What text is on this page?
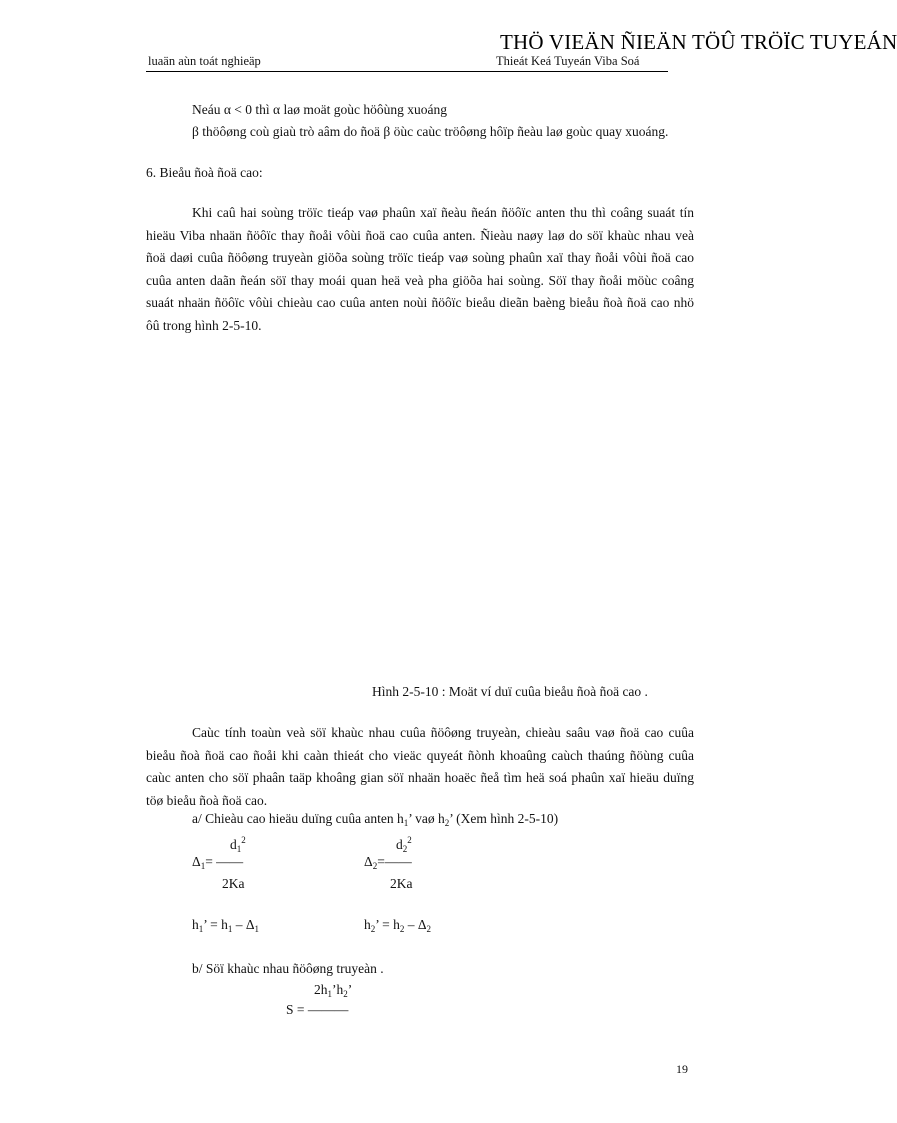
THÖ VIEÄN ÑIEÄN TÖÛ TRÖÏC TUYEÁN
luaän aùn toát nghieäp	Thieát Keá Tuyeán Viba Soá
Neáu α < 0 thì α laø moät goùc höôùng xuoáng
β thöôøng coù giaù trò aâm do ñoä β öùc caùc tröôøng hôïp ñeàu laø goùc quay xuoáng.
6. Bieåu ñoà ñoä cao:
Khi caû hai soùng tröïc tieáp vaø phaûn xaï ñeàu ñeán ñöôïc anten thu thì coâng suaát tín hieäu Viba nhaän ñöôïc thay ñoåi vôùi ñoä cao cuûa anten. Ñieàu naøy laø do söï khaùc nhau veà ñoä daøi cuûa ñöôøng truyeàn giöõa soùng tröïc tieáp vaø soùng phaûn xaï thay ñoåi vôùi ñoä cao cuûa anten daãn ñeán söï thay moái quan heä veà pha giöõa hai soùng. Söï thay ñoåi möùc coâng suaát nhaän ñöôïc vôùi chieàu cao cuûa anten noùi ñöôïc bieåu dieãn baèng bieåu ñoà ñoä cao nhö ôû trong hình 2-5-10.
Hình 2-5-10 : Moät ví duï cuûa bieåu ñoà ñoä cao .
Caùc tính toaùn veà söï khaùc nhau cuûa ñöôøng truyeàn, chieàu saâu vaø ñoä cao cuûa bieåu ñoà ñoä cao ñoåi khi caàn thieát cho vieäc quyeát ñònh khoaûng caùch thaúng ñöùng cuûa caùc anten cho söï phaân taäp khoâng gian söï nhaän hoaëc ñeå tìm heä soá phaûn xaï hieäu duïng töø bieåu ñoà ñoä cao.
a/ Chieàu cao hieäu duïng cuûa anten $h_1$’ vaø $h_2$’ (Xem hình 2-5-10)
$d_1^2$
$\Delta_1=$ ——
2Ka
$d_2^2$
$\Delta_2=——$
2Ka
$h_1$’ = $h_1 - \Delta_1$	$h_2$’ = $h_2 - \Delta_2$
b/ Söï khaùc nhau ñöôøng truyeàn .
$2h_1’h_2$’
S = ———
19
